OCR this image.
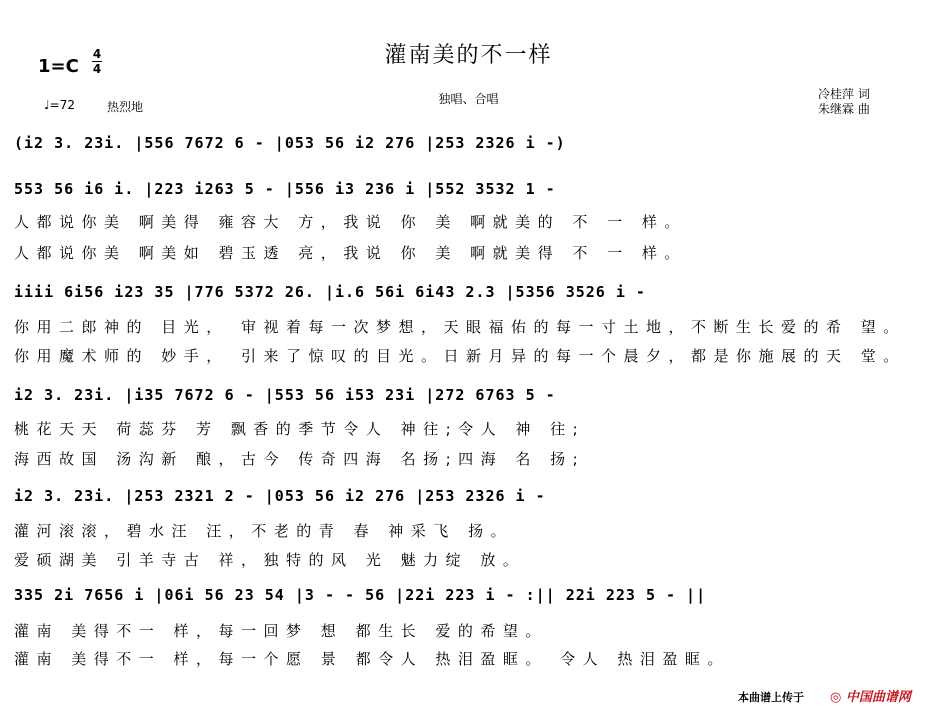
灌南美的不一样
1=C
4
4
♩=72	热烈地
独唱、合唱	冷桂萍 词
朱继霖 曲
(i2 3. 23i. |556 7672 6 - |053 56 i2 276 |253 2326 i -)
553 56 i6 i. |223 i263 5 - |556 i3 236 i |552 3532 1 -
人都说你美 啊美得 雍容大 方，我说 你 美 啊就美的 不 一 样。
人都说你美 啊美如 碧玉透 亮，我说 你 美 啊就美得 不 一 样。
iiii 6i56 i23 35 |776 5372 26. |i.6 56i 6i43 2.3 |5356 3526 i -
你用二郎神的 目光， 审视着每一次梦想，天眼福佑的每一寸土地，不断生长爱的希 望。
你用魔术师的 妙手， 引来了惊叹的目光。日新月异的每一个晨夕，都是你施展的天 堂。
i2 3. 23i. |i35 7672 6 - |553 56 i53 23i |272 6763 5 -
桃花天天 荷蕊芬 芳 飘香的季节令人 神往;令人 神 往;
海西故国 汤沟新 酿，古今 传奇四海 名扬;四海 名 扬;
i2 3. 23i. |253 2321 2 - |053 56 i2 276 |253 2326 i -
灌河滚滚，碧水汪 汪，不老的青 春 神采飞 扬。
爱硕湖美 引羊寺古 祥，独特的风 光 魅力绽 放。
335 2i 7656 i |06i 56 23 54 |3 - - 56 |22i 223 i - :|| 22i 223 5 - ||
灌南 美得不一 样，每一回梦 想 都生长 爱的希望。
灌南 美得不一 样，每一个愿 景 都令人 热泪盈眶。 令人 热泪盈眶。
本曲谱上传于 ◎ 中国曲谱网
